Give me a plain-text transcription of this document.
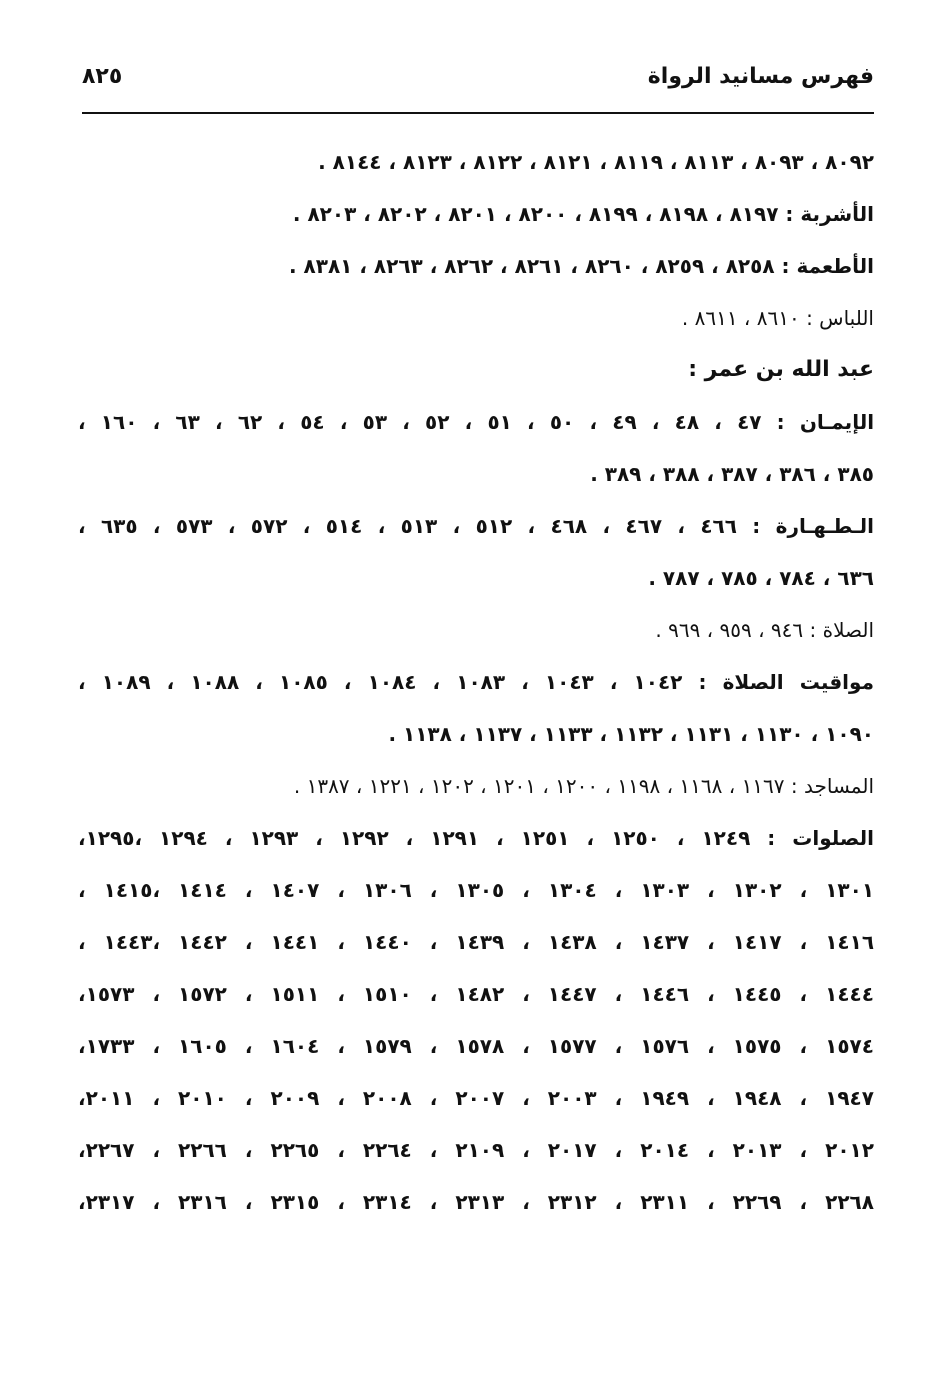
فهرس مسانيد الرواة
٨٢٥
٨٠٩٢ ، ٨٠٩٣ ، ٨١١٣ ، ٨١١٩ ، ٨١٢١ ، ٨١٢٢ ، ٨١٢٣ ، ٨١٤٤ .
الأشربة : ٨١٩٧ ، ٨١٩٨ ، ٨١٩٩ ، ٨٢٠٠ ، ٨٢٠١ ، ٨٢٠٢ ، ٨٢٠٣ .
الأطعمة : ٨٢٥٨ ، ٨٢٥٩ ، ٨٢٦٠ ، ٨٢٦١ ، ٨٢٦٢ ، ٨٢٦٣ ، ٨٣٨١ .
اللباس : ٨٦١٠ ، ٨٦١١ .
عبد الله بن عمر :
الإيمـان : ٤٧ ، ٤٨ ، ٤٩ ، ٥٠ ، ٥١ ، ٥٢ ، ٥٣ ، ٥٤ ، ٦٢ ، ٦٣ ، ١٦٠ ،
٣٨٥ ، ٣٨٦ ، ٣٨٧ ، ٣٨٨ ، ٣٨٩ .
الـطـهـارة : ٤٦٦ ، ٤٦٧ ، ٤٦٨ ، ٥١٢ ، ٥١٣ ، ٥١٤ ، ٥٧٢ ، ٥٧٣ ، ٦٣٥ ،
٦٣٦ ، ٧٨٤ ، ٧٨٥ ، ٧٨٧ .
الصلاة : ٩٤٦ ، ٩٥٩ ، ٩٦٩ .
مواقيت الصلاة : ١٠٤٢ ، ١٠٤٣ ، ١٠٨٣ ، ١٠٨٤ ، ١٠٨٥ ، ١٠٨٨ ، ١٠٨٩ ،
١٠٩٠ ، ١١٣٠ ، ١١٣١ ، ١١٣٢ ، ١١٣٣ ، ١١٣٧ ، ١١٣٨ .
المساجد : ١١٦٧ ، ١١٦٨ ، ١١٩٨ ، ١٢٠٠ ، ١٢٠١ ، ١٢٠٢ ، ١٢٢١ ، ١٣٨٧ .
الصلوات : ١٢٤٩ ، ١٢٥٠ ، ١٢٥١ ، ١٢٩١ ، ١٢٩٢ ، ١٢٩٣ ، ١٢٩٤ ،١٢٩٥،
١٣٠١ ، ١٣٠٢ ، ١٣٠٣ ، ١٣٠٤ ، ١٣٠٥ ، ١٣٠٦ ، ١٤٠٧ ، ١٤١٤ ،١٤١٥ ،
١٤١٦ ، ١٤١٧ ، ١٤٣٧ ، ١٤٣٨ ، ١٤٣٩ ، ١٤٤٠ ، ١٤٤١ ، ١٤٤٢ ،١٤٤٣ ،
١٤٤٤ ، ١٤٤٥ ، ١٤٤٦ ، ١٤٤٧ ، ١٤٨٢ ، ١٥١٠ ، ١٥١١ ، ١٥٧٢ ، ١٥٧٣،
١٥٧٤ ، ١٥٧٥ ، ١٥٧٦ ، ١٥٧٧ ، ١٥٧٨ ، ١٥٧٩ ، ١٦٠٤ ، ١٦٠٥ ، ١٧٣٣،
١٩٤٧ ، ١٩٤٨ ، ١٩٤٩ ، ٢٠٠٣ ، ٢٠٠٧ ، ٢٠٠٨ ، ٢٠٠٩ ، ٢٠١٠ ، ٢٠١١،
٢٠١٢ ، ٢٠١٣ ، ٢٠١٤ ، ٢٠١٧ ، ٢١٠٩ ، ٢٢٦٤ ، ٢٢٦٥ ، ٢٢٦٦ ، ٢٢٦٧،
٢٢٦٨ ، ٢٢٦٩ ، ٢٣١١ ، ٢٣١٢ ، ٢٣١٣ ، ٢٣١٤ ، ٢٣١٥ ، ٢٣١٦ ، ٢٣١٧،
